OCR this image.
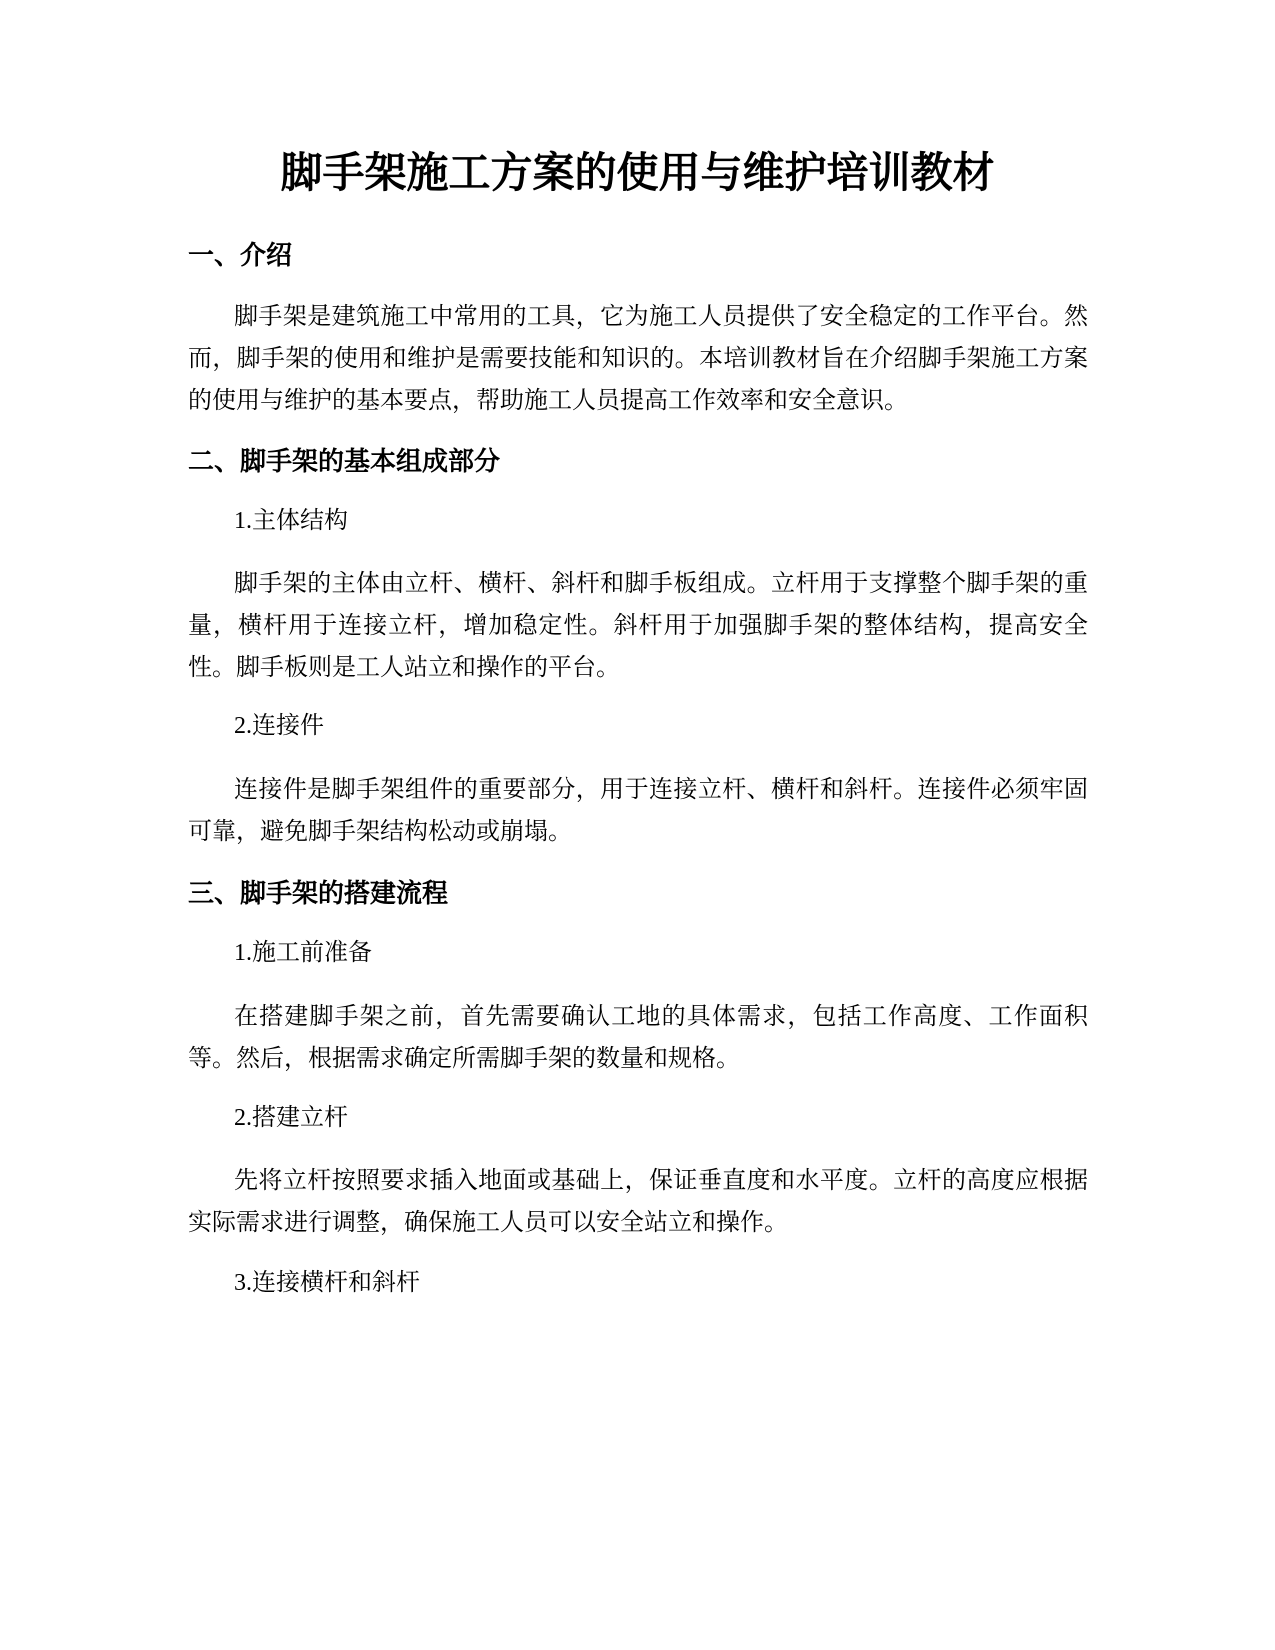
脚手架施工方案的使用与维护培训教材
一、介绍

脚手架是建筑施工中常用的工具，它为施工人员提供了安全稳定的工作平台。然而，脚手架的使用和维护是需要技能和知识的。本培训教材旨在介绍脚手架施工方案的使用与维护的基本要点，帮助施工人员提高工作效率和安全意识。

二、脚手架的基本组成部分

1.主体结构

脚手架的主体由立杆、横杆、斜杆和脚手板组成。立杆用于支撑整个脚手架的重量，横杆用于连接立杆，增加稳定性。斜杆用于加强脚手架的整体结构，提高安全性。脚手板则是工人站立和操作的平台。

2.连接件

连接件是脚手架组件的重要部分，用于连接立杆、横杆和斜杆。连接件必须牢固可靠，避免脚手架结构松动或崩塌。

三、脚手架的搭建流程

1.施工前准备

在搭建脚手架之前，首先需要确认工地的具体需求，包括工作高度、工作面积等。然后，根据需求确定所需脚手架的数量和规格。

2.搭建立杆

先将立杆按照要求插入地面或基础上，保证垂直度和水平度。立杆的高度应根据实际需求进行调整，确保施工人员可以安全站立和操作。

3.连接横杆和斜杆
